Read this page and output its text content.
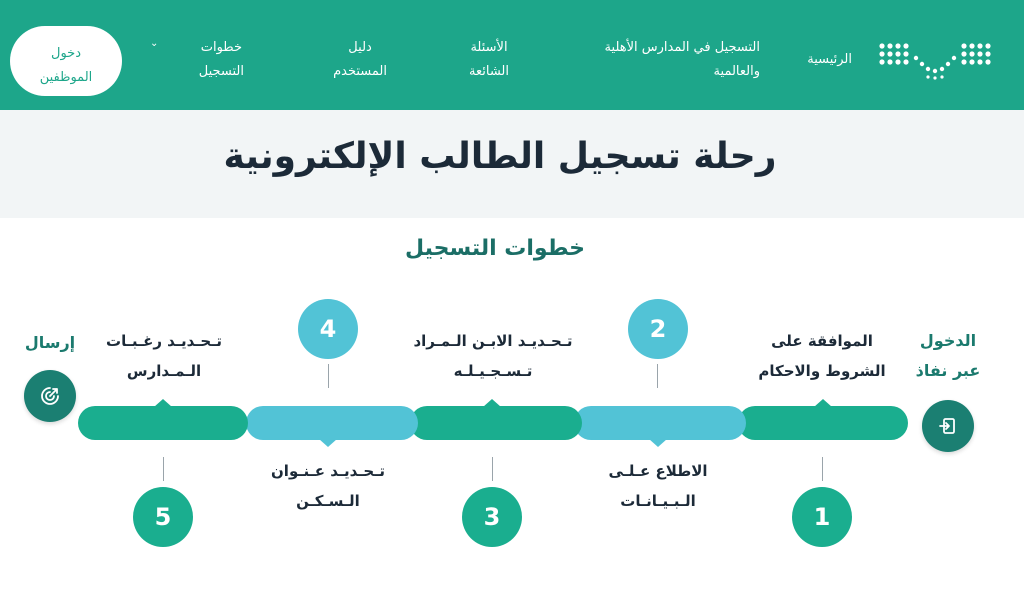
الرئيسية
التسجيل في المدارس الأهلية
والعالمية
الأسئلة
الشائعة
دليل
المستخدم
خطوات
التسجيل
⌄
دخول
الموظفين
رحلة تسجيل الطالب الإلكترونية
خطوات التسجيل
1
2
3
4
5
الموافقة على
الشروط والاحكام
الاطلاع عـلـى
الـبـيـانـات
تـحـديـد الابـن الـمـراد
تـسـجـيـلـه
تـحـديـد عـنـوان
الـسـكـن
تـحـديـد رغـبـات
الـمـدارس
الدخول
عبر نفاذ
إرسال
